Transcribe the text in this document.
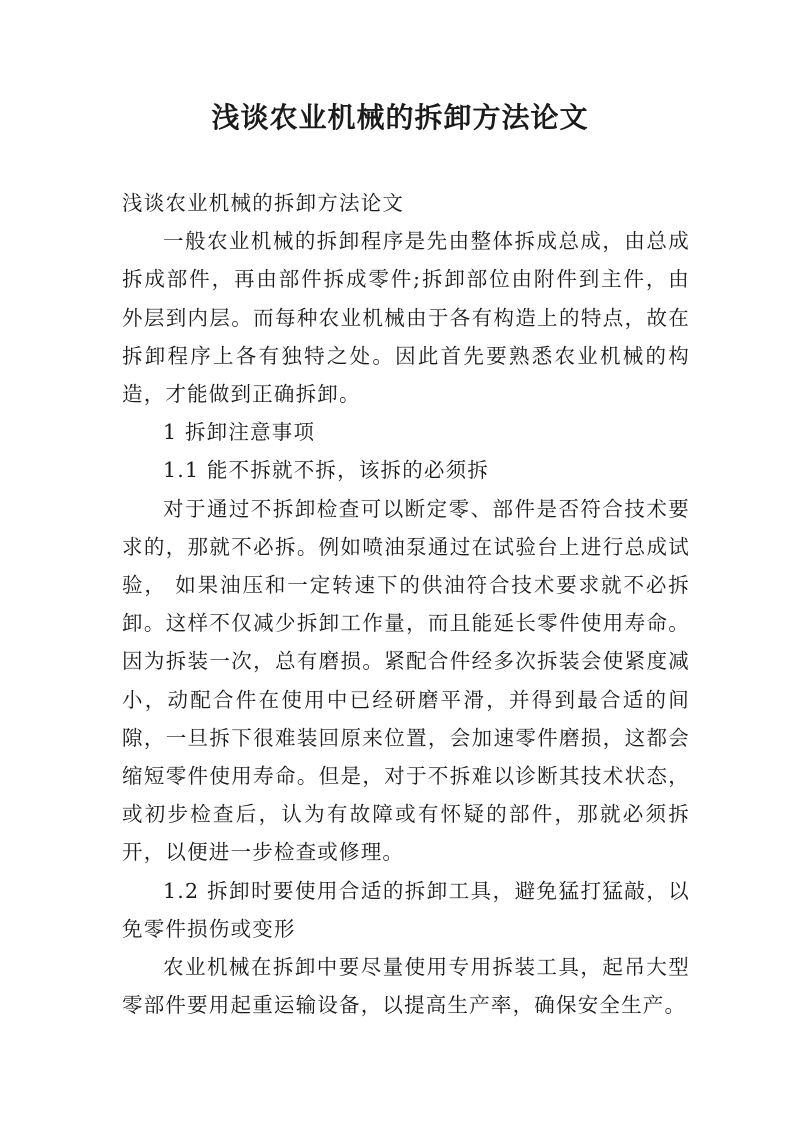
浅谈农业机械的拆卸方法论文

浅谈农业机械的拆卸方法论文

一般农业机械的拆卸程序是先由整体拆成总成，由总成拆成部件，再由部件拆成零件;拆卸部位由附件到主件，由外层到内层。而每种农业机械由于各有构造上的特点，故在拆卸程序上各有独特之处。因此首先要熟悉农业机械的构造，才能做到正确拆卸。

1 拆卸注意事项

1.1 能不拆就不拆，该拆的必须拆

对于通过不拆卸检查可以断定零、部件是否符合技术要求的，那就不必拆。例如喷油泵通过在试验台上进行总成试验， 如果油压和一定转速下的供油符合技术要求就不必拆卸。这样不仅减少拆卸工作量，而且能延长零件使用寿命。因为拆装一次，总有磨损。紧配合件经多次拆装会使紧度减小，动配合件在使用中已经研磨平滑，并得到最合适的间隙，一旦拆下很难装回原来位置，会加速零件磨损，这都会缩短零件使用寿命。但是，对于不拆难以诊断其技术状态，或初步检查后，认为有故障或有怀疑的部件，那就必须拆开，以便进一步检查或修理。

1.2 拆卸时要使用合适的拆卸工具，避免猛打猛敲，以免零件损伤或变形

农业机械在拆卸中要尽量使用专用拆装工具，起吊大型零部件要用起重运输设备，以提高生产率，确保安全生产。
